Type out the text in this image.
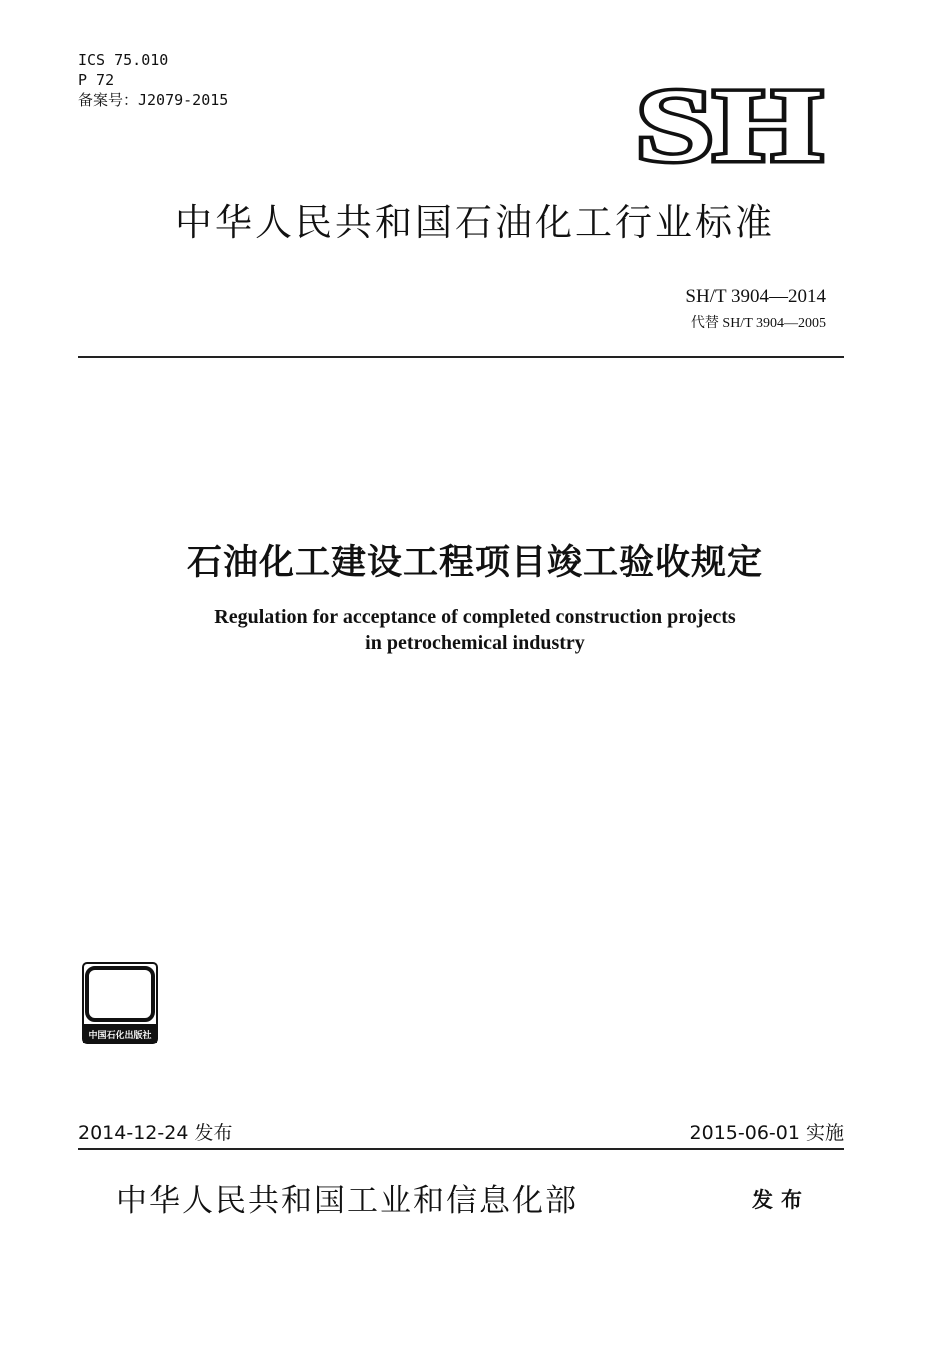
ICS 75.010
P 72
备案号：J2079-2015	SH
中华人民共和国石油化工行业标准
SH/T 3904—2014
代替 SH/T 3904—2005
石油化工建设工程项目竣工验收规定
Regulation for acceptance of completed construction projects
in petrochemical industry
中国石化出版社
2014-12-24 发布	2015-06-01 实施
中华人民共和国工业和信息化部	发布
